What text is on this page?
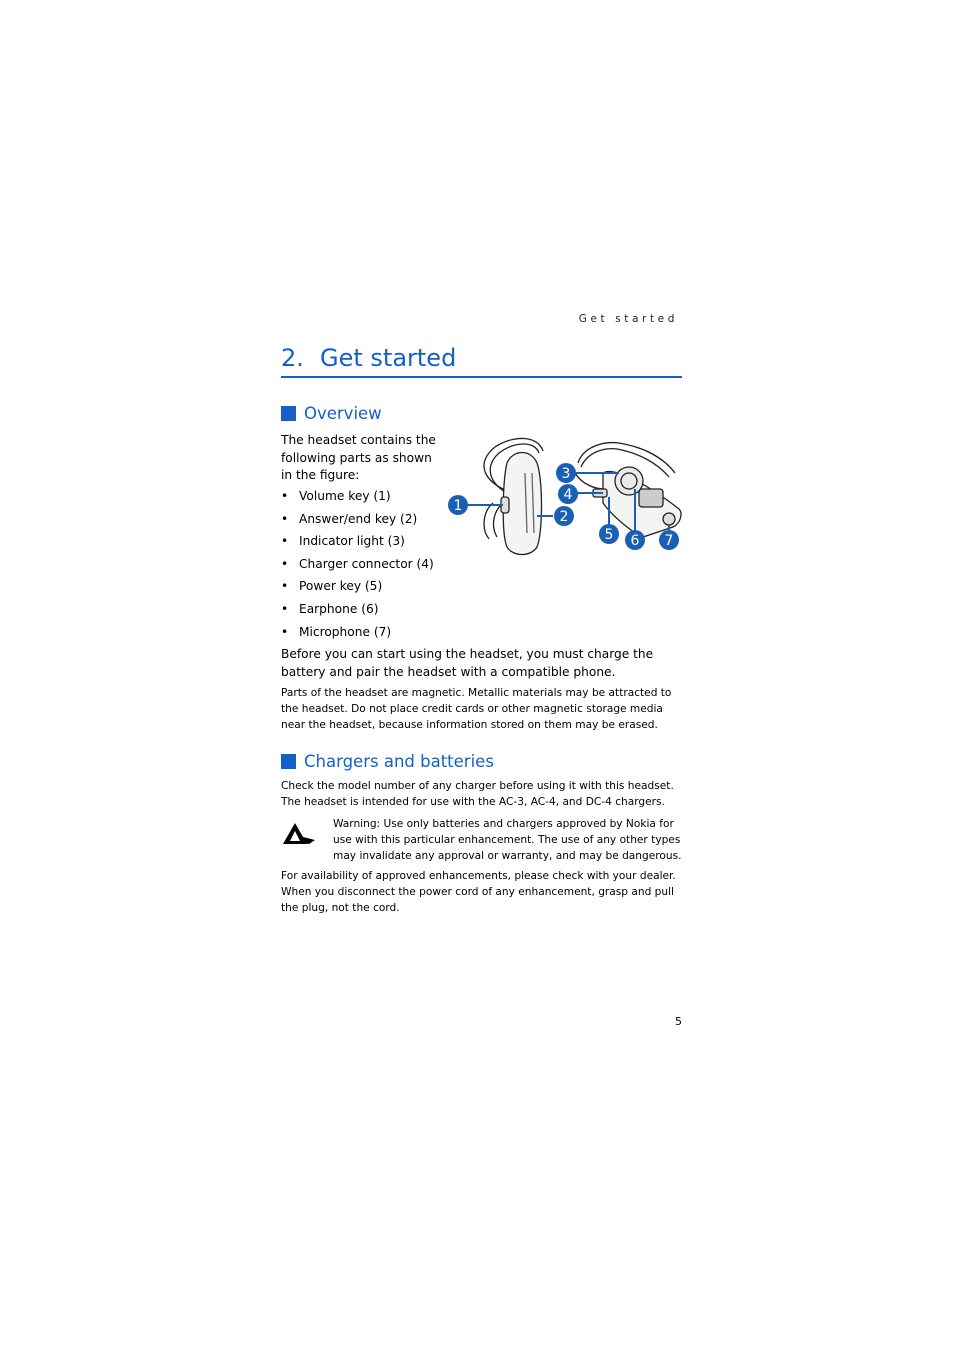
Get started
2. Get started
Overview

The headset contains the following parts as shown in the figure:

• Volume key (1)
• Answer/end key (2)
• Indicator light (3)
• Charger connector (4)
• Power key (5)
• Earphone (6)
• Microphone (7)
1
2
3
4
5 6 7

Before you can start using the headset, you must charge the battery and pair the headset with a compatible phone.

Parts of the headset are magnetic. Metallic materials may be attracted to the headset. Do not place credit cards or other magnetic storage media near the headset, because information stored on them may be erased.

Chargers and batteries

Check the model number of any charger before using it with this headset. The headset is intended for use with the AC-3, AC-4, and DC-4 chargers.

Warning: Use only batteries and chargers approved by Nokia for use with this particular enhancement. The use of any other types may invalidate any approval or warranty, and may be dangerous.

For availability of approved enhancements, please check with your dealer. When you disconnect the power cord of any enhancement, grasp and pull the plug, not the cord.

5
